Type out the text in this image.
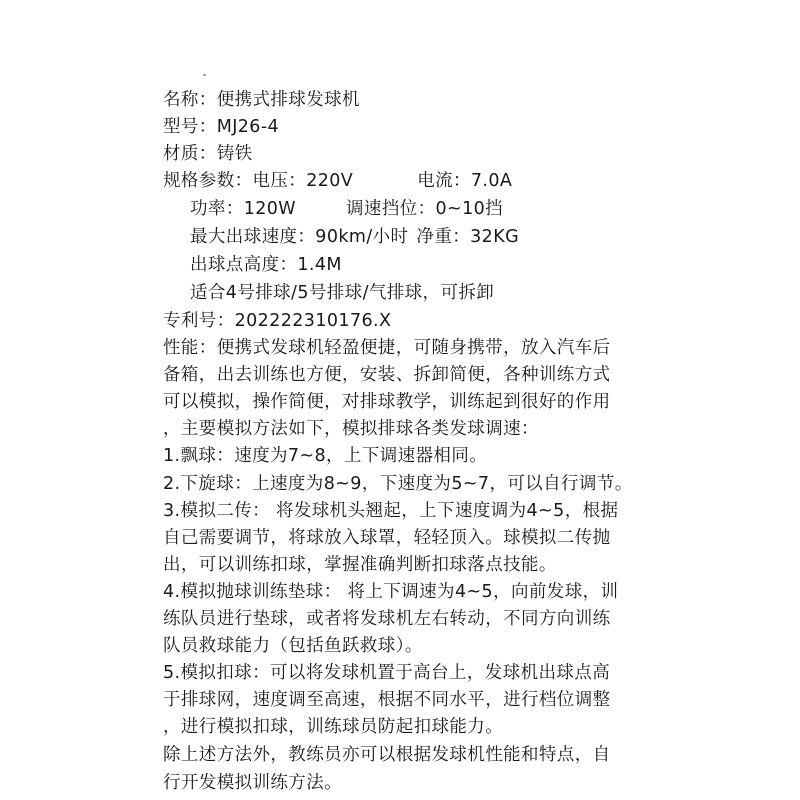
名称：便携式排球发球机
型号：MJ26-4
材质：铸铁
规格参数：电压：220V	电流：7.0A
功率：120W	调速挡位：0~10挡
最大出球速度：90km/小时 净重：32KG
出球点高度：1.4M
适合4号排球/5号排球/气排球，可拆卸
专利号：202222310176.X
性能：便携式发球机轻盈便捷，可随身携带，放入汽车后
备箱，出去训练也方便，安装、拆卸简便，各种训练方式
可以模拟，操作简便，对排球教学，训练起到很好的作用
，主要模拟方法如下，模拟排球各类发球调速：
1.飘球：速度为7~8，上下调速器相同。
2.下旋球：上速度为8~9，下速度为5~7，可以自行调节。
3.模拟二传： 将发球机头翘起，上下速度调为4~5，根据
自己需要调节，将球放入球罩，轻轻顶入。球模拟二传抛
出，可以训练扣球，掌握准确判断扣球落点技能。
4.模拟抛球训练垫球： 将上下调速为4~5，向前发球，训
练队员进行垫球，或者将发球机左右转动，不同方向训练
队员救球能力（包括鱼跃救球）。
5.模拟扣球：可以将发球机置于高台上，发球机出球点高
于排球网，速度调至高速，根据不同水平，进行档位调整
，进行模拟扣球，训练球员防起扣球能力。
除上述方法外，教练员亦可以根据发球机性能和特点，自
行开发模拟训练方法。
